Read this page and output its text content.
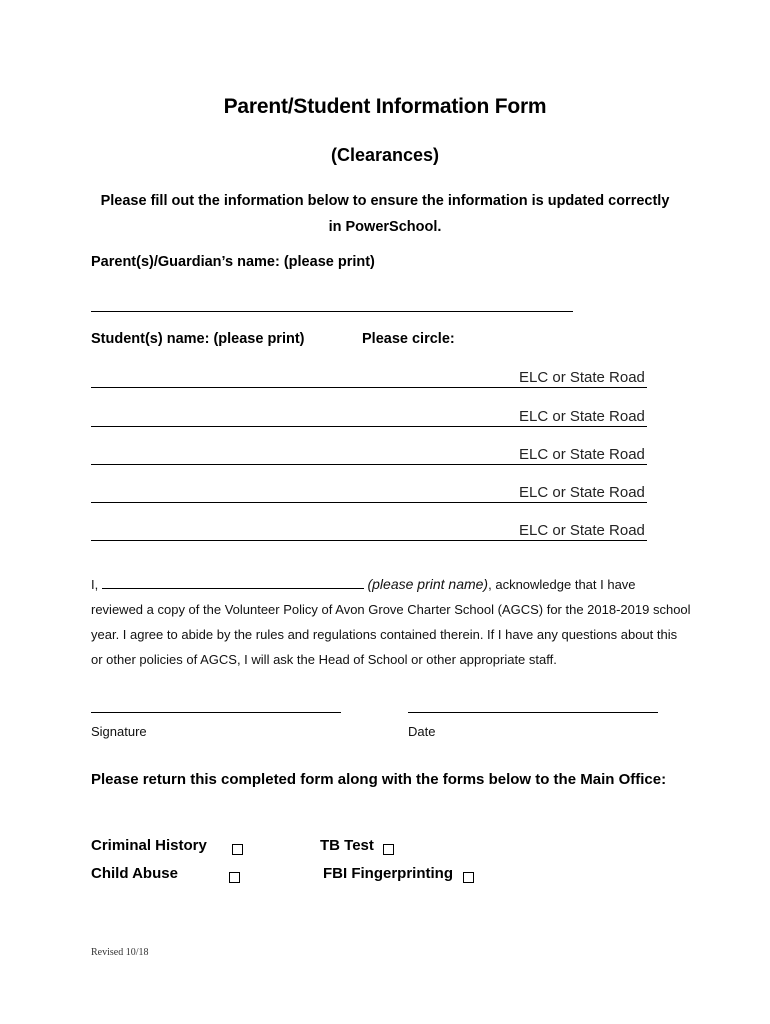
Parent/Student Information Form
(Clearances)
Please fill out the information below to ensure the information is updated correctly in PowerSchool.
Parent(s)/Guardian’s name: (please print)
Student(s) name: (please print)	Please circle:
ELC or State Road
ELC or State Road
ELC or State Road
ELC or State Road
ELC or State Road
I,	(please print name), acknowledge that I have reviewed a copy of the Volunteer Policy of Avon Grove Charter School (AGCS) for the 2018-2019 school year. I agree to abide by the rules and regulations contained therein. If I have any questions about this or other policies of AGCS, I will ask the Head of School or other appropriate staff.
Signature	Date
Please return this completed form along with the forms below to the Main Office:
Criminal History	TB Test
Child Abuse	FBI Fingerprinting
Revised 10/18
